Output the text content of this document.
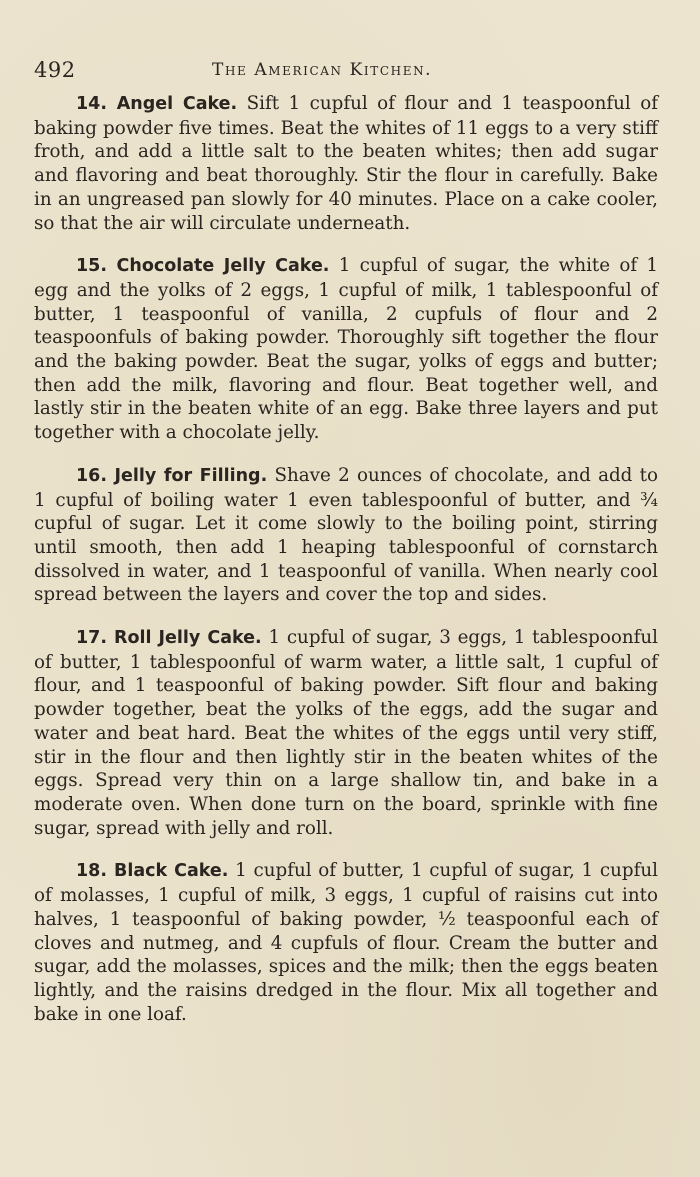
492	The American Kitchen.

14. Angel Cake. Sift 1 cupful of flour and 1 teaspoonful of baking powder five times. Beat the whites of 11 eggs to a very stiff froth, and add a little salt to the beaten whites; then add sugar and flavoring and beat thoroughly. Stir the flour in carefully. Bake in an ungreased pan slowly for 40 minutes. Place on a cake cooler, so that the air will circulate underneath.

15. Chocolate Jelly Cake. 1 cupful of sugar, the white of 1 egg and the yolks of 2 eggs, 1 cupful of milk, 1 tablespoonful of butter, 1 teaspoonful of vanilla, 2 cupfuls of flour and 2 teaspoonfuls of baking powder. Thoroughly sift together the flour and the baking powder. Beat the sugar, yolks of eggs and butter; then add the milk, flavoring and flour. Beat together well, and lastly stir in the beaten white of an egg. Bake three layers and put together with a chocolate jelly.

16. Jelly for Filling. Shave 2 ounces of chocolate, and add to 1 cupful of boiling water 1 even tablespoonful of butter, and ¾ cupful of sugar. Let it come slowly to the boiling point, stirring until smooth, then add 1 heaping tablespoonful of cornstarch dissolved in water, and 1 teaspoonful of vanilla. When nearly cool spread between the layers and cover the top and sides.

17. Roll Jelly Cake. 1 cupful of sugar, 3 eggs, 1 tablespoonful of butter, 1 tablespoonful of warm water, a little salt, 1 cupful of flour, and 1 teaspoonful of baking powder. Sift flour and baking powder together, beat the yolks of the eggs, add the sugar and water and beat hard. Beat the whites of the eggs until very stiff, stir in the flour and then lightly stir in the beaten whites of the eggs. Spread very thin on a large shallow tin, and bake in a moderate oven. When done turn on the board, sprinkle with fine sugar, spread with jelly and roll.

18. Black Cake. 1 cupful of butter, 1 cupful of sugar, 1 cupful of molasses, 1 cupful of milk, 3 eggs, 1 cupful of raisins cut into halves, 1 teaspoonful of baking powder, ½ teaspoonful each of cloves and nutmeg, and 4 cupfuls of flour. Cream the butter and sugar, add the molasses, spices and the milk; then the eggs beaten lightly, and the raisins dredged in the flour. Mix all together and bake in one loaf.
